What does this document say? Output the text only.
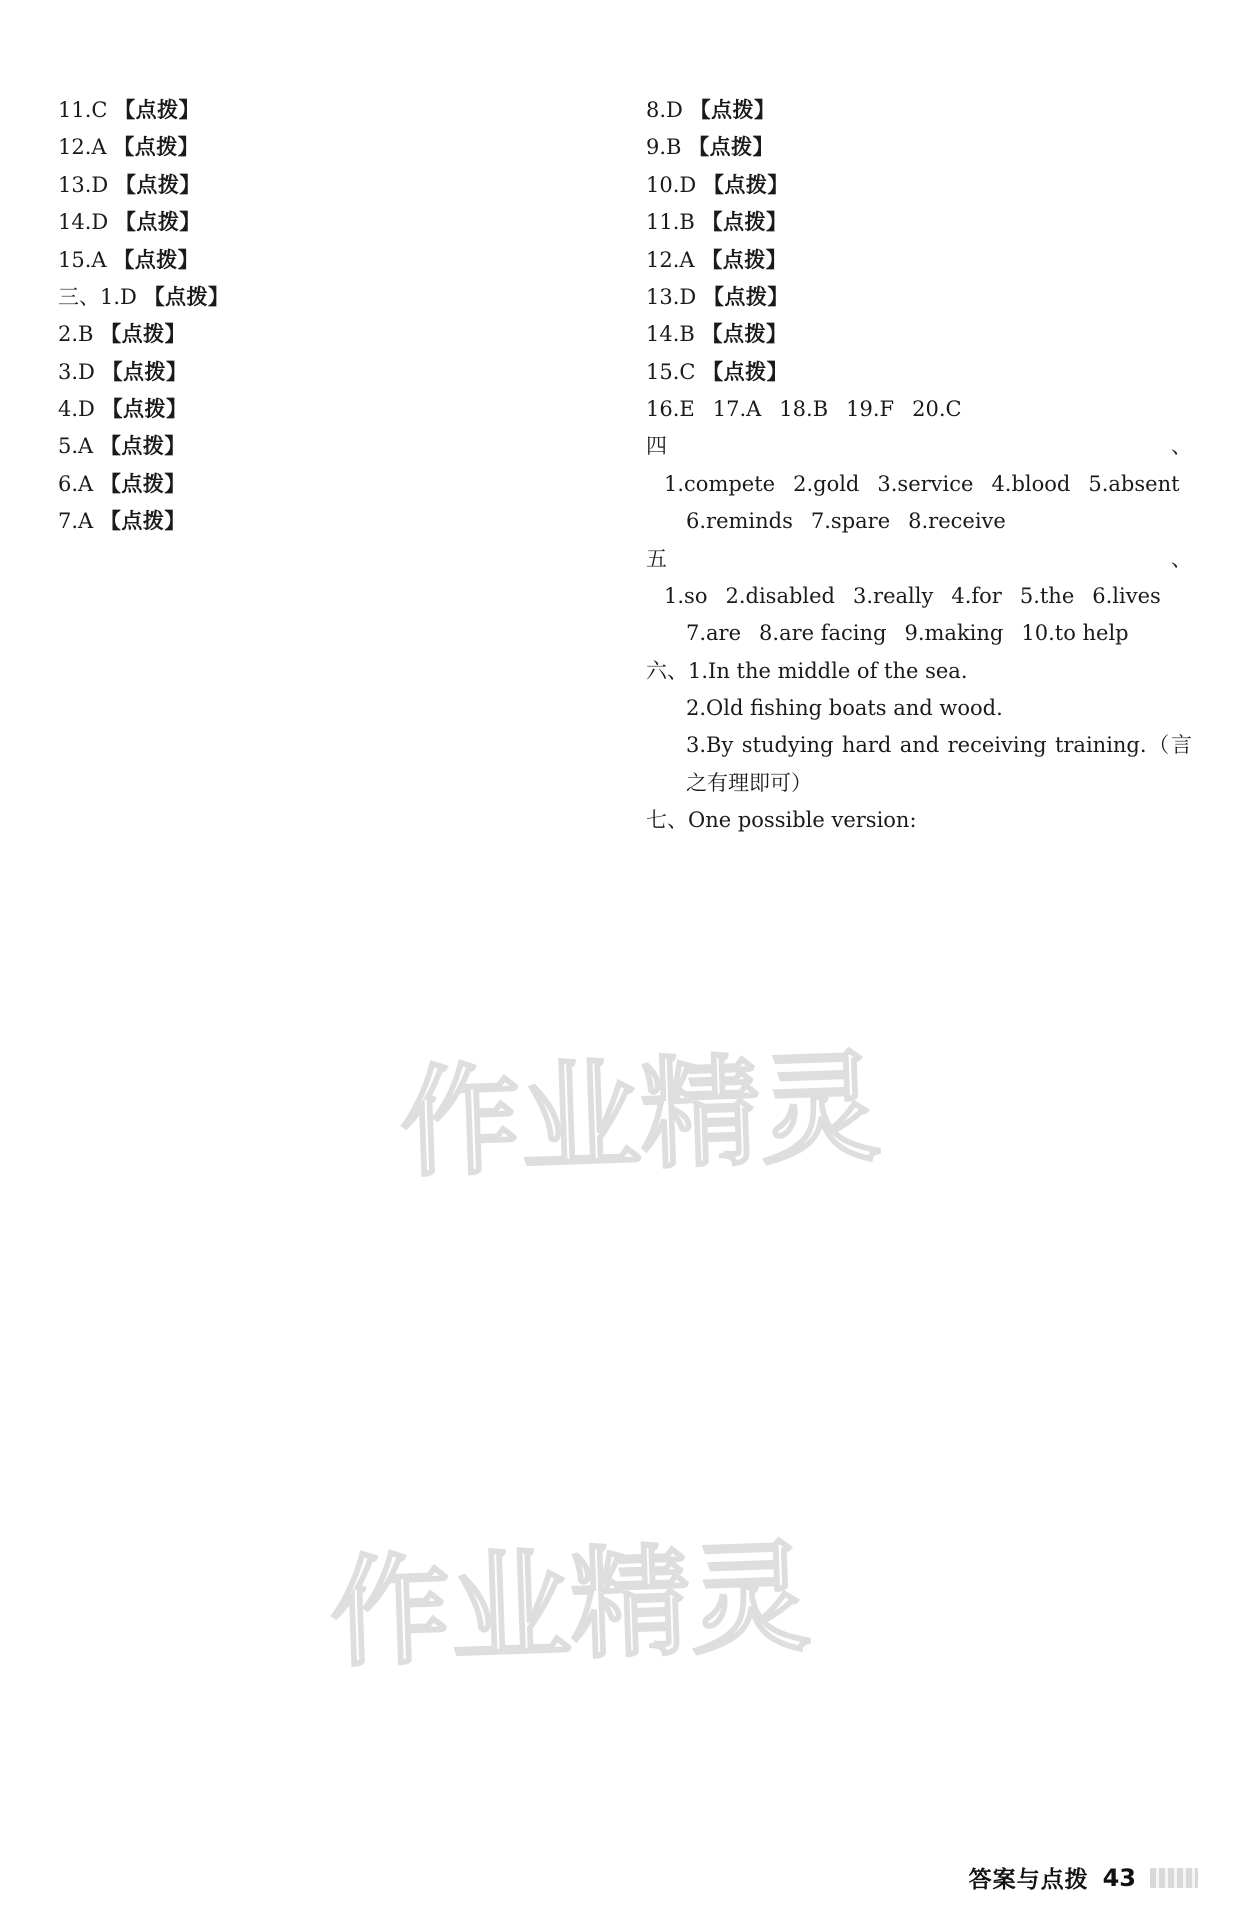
11.C 【点拨】

12.A 【点拨】

13.D 【点拨】

14.D 【点拨】

15.A 【点拨】

三、1.D 【点拨】

2.B 【点拨】

3.D 【点拨】

4.D 【点拨】

5.A 【点拨】

6.A 【点拨】

7.A 【点拨】

8.D 【点拨】

9.B 【点拨】

10.D 【点拨】

11.B 【点拨】

12.A 【点拨】

13.D 【点拨】

14.B 【点拨】

15.C 【点拨】

16.E 17.A 18.B 19.F 20.C

四、1.compete 2.gold 3.service 4.blood 5.absent

6.reminds 7.spare 8.receive

五、1.so 2.disabled 3.really 4.for 5.the 6.lives

7.are 8.are facing 9.making 10.to help

六、1.In the middle of the sea.

2.Old fishing boats and wood.

3.By studying hard and receiving training.（言之有理即可）

七、One possible version:

作业精灵
作业精灵
答案与点拨 43
